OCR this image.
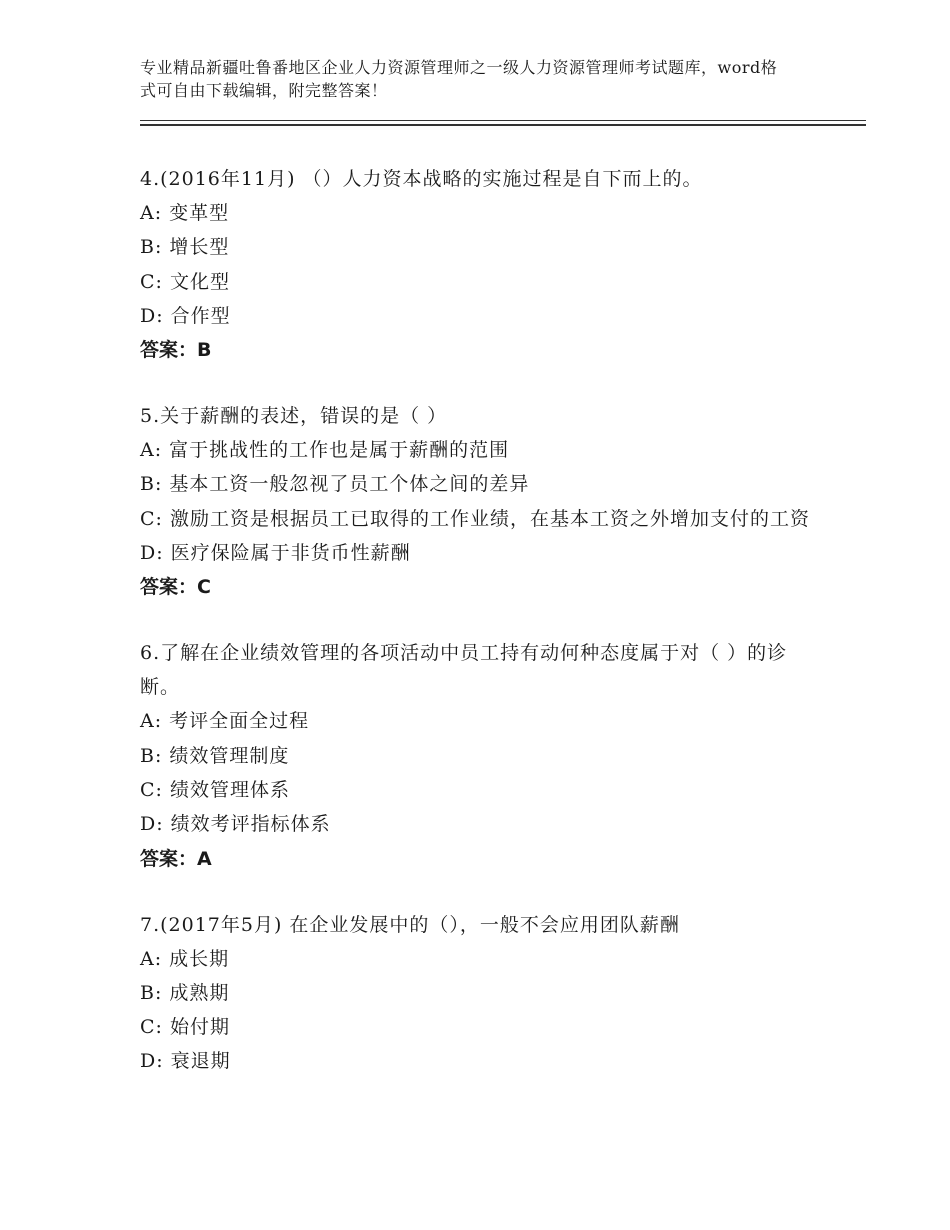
专业精品新疆吐鲁番地区企业人力资源管理师之一级人力资源管理师考试题库，word格式可自由下载编辑，附完整答案！

4.(2016年11月) （）人力资本战略的实施过程是自下而上的。

A: 变革型

B: 增长型

C: 文化型

D: 合作型

答案：B

5.关于薪酬的表述，错误的是（ ）

A: 富于挑战性的工作也是属于薪酬的范围

B: 基本工资一般忽视了员工个体之间的差异

C: 激励工资是根据员工已取得的工作业绩，在基本工资之外增加支付的工资

D: 医疗保险属于非货币性薪酬

答案：C

6.了解在企业绩效管理的各项活动中员工持有动何种态度属于对（ ）的诊断。

A: 考评全面全过程

B: 绩效管理制度

C: 绩效管理体系

D: 绩效考评指标体系

答案：A

7.(2017年5月) 在企业发展中的（），一般不会应用团队薪酬

A: 成长期

B: 成熟期

C: 始付期

D: 衰退期
